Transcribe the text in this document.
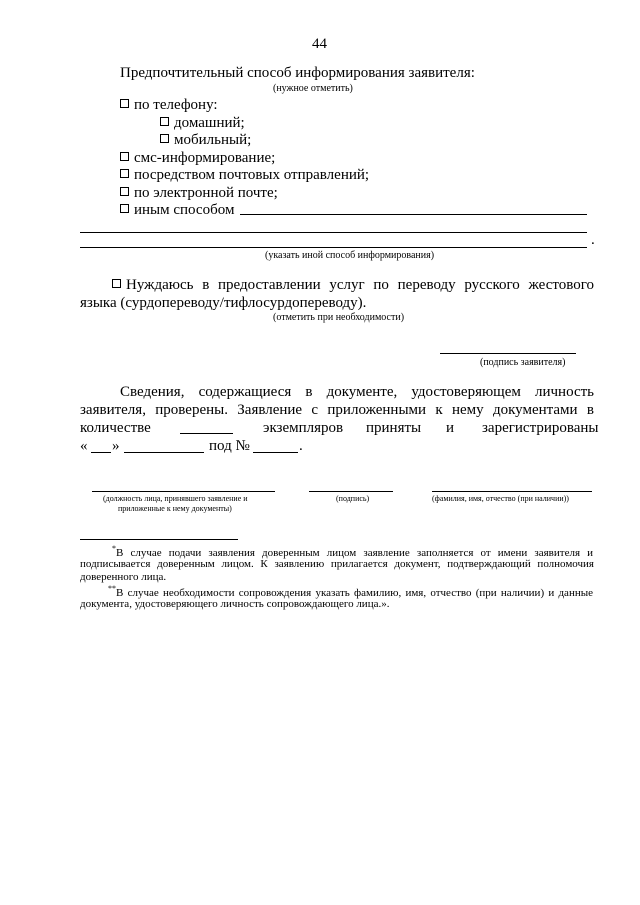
44
Предпочтительный способ информирования заявителя:
(нужное отметить)
по телефону:
домашний;
мобильный;
смс-информирование;
посредством почтовых отправлений;
по электронной почте;
иным способом
.
(указать иной способ информирования)
Нуждаюсь в предоставлении услуг по переводу русского жестового
языка (сурдопереводу/тифлосурдопереводу).
(отметить при необходимости)
(подпись заявителя)
Сведения, содержащиеся в документе, удостоверяющем личность
заявителя, проверены. Заявление с приложенными к нему документами в
количестве	экземпляров приняты и зарегистрированы
« »	под №	.
(должность лица, принявшего заявление и
приложенные к нему документы)
(подпись)	(фамилия, имя, отчество (при наличии))
*В случае подачи заявления доверенным лицом заявление заполняется от имени заявителя и
подписывается доверенным лицом. К заявлению прилагается документ, подтверждающий полномочия
доверенного лица.
**В случае необходимости сопровождения указать фамилию, имя, отчество (при наличии) и данные
документа, удостоверяющего личность сопровождающего лица.».
